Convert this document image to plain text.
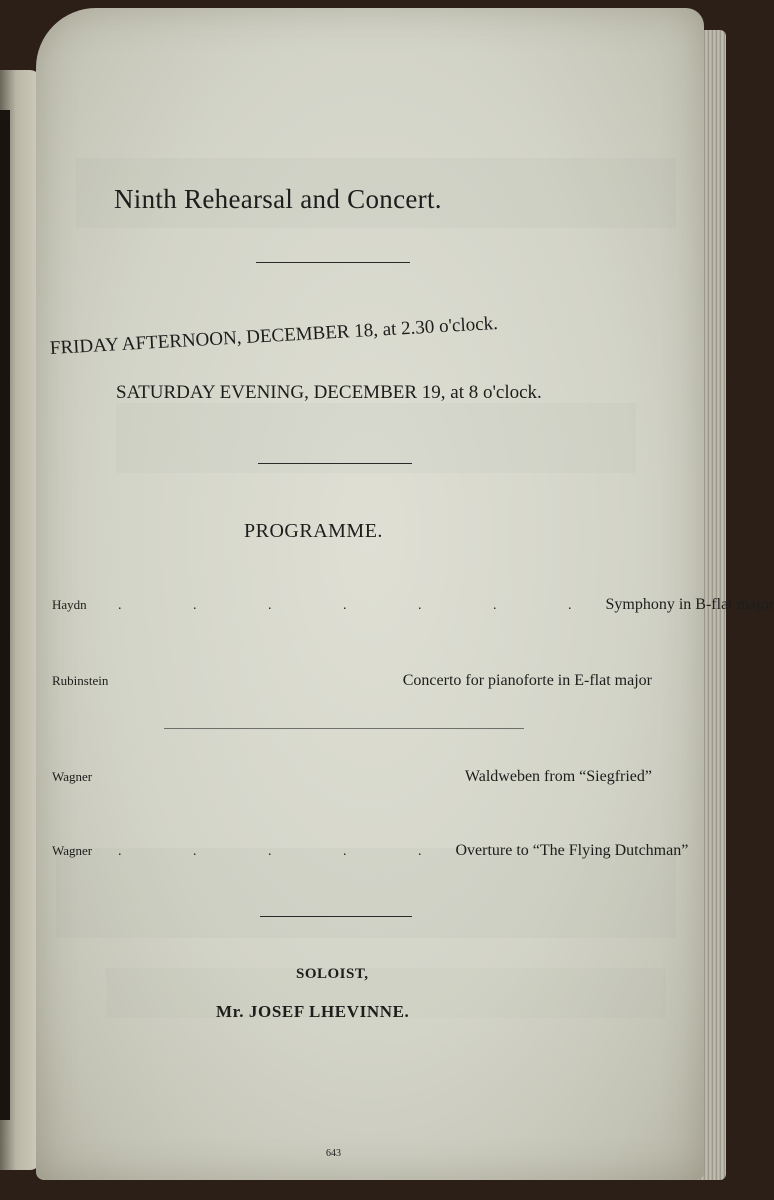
Ninth Rehearsal and Concert.
FRIDAY AFTERNOON, DECEMBER 18, at 2.30 o'clock.
SATURDAY EVENING, DECEMBER 19, at 8 o'clock.
PROGRAMME.
Haydn	. . . . . . . Symphony in B-flat major
Rubinstein	Concerto for pianoforte in E-flat major
Wagner	Waldweben from “Siegfried”
Wagner	. . . . . Overture to “The Flying Dutchman”
SOLOIST,
Mr. JOSEF LHEVINNE.
643
